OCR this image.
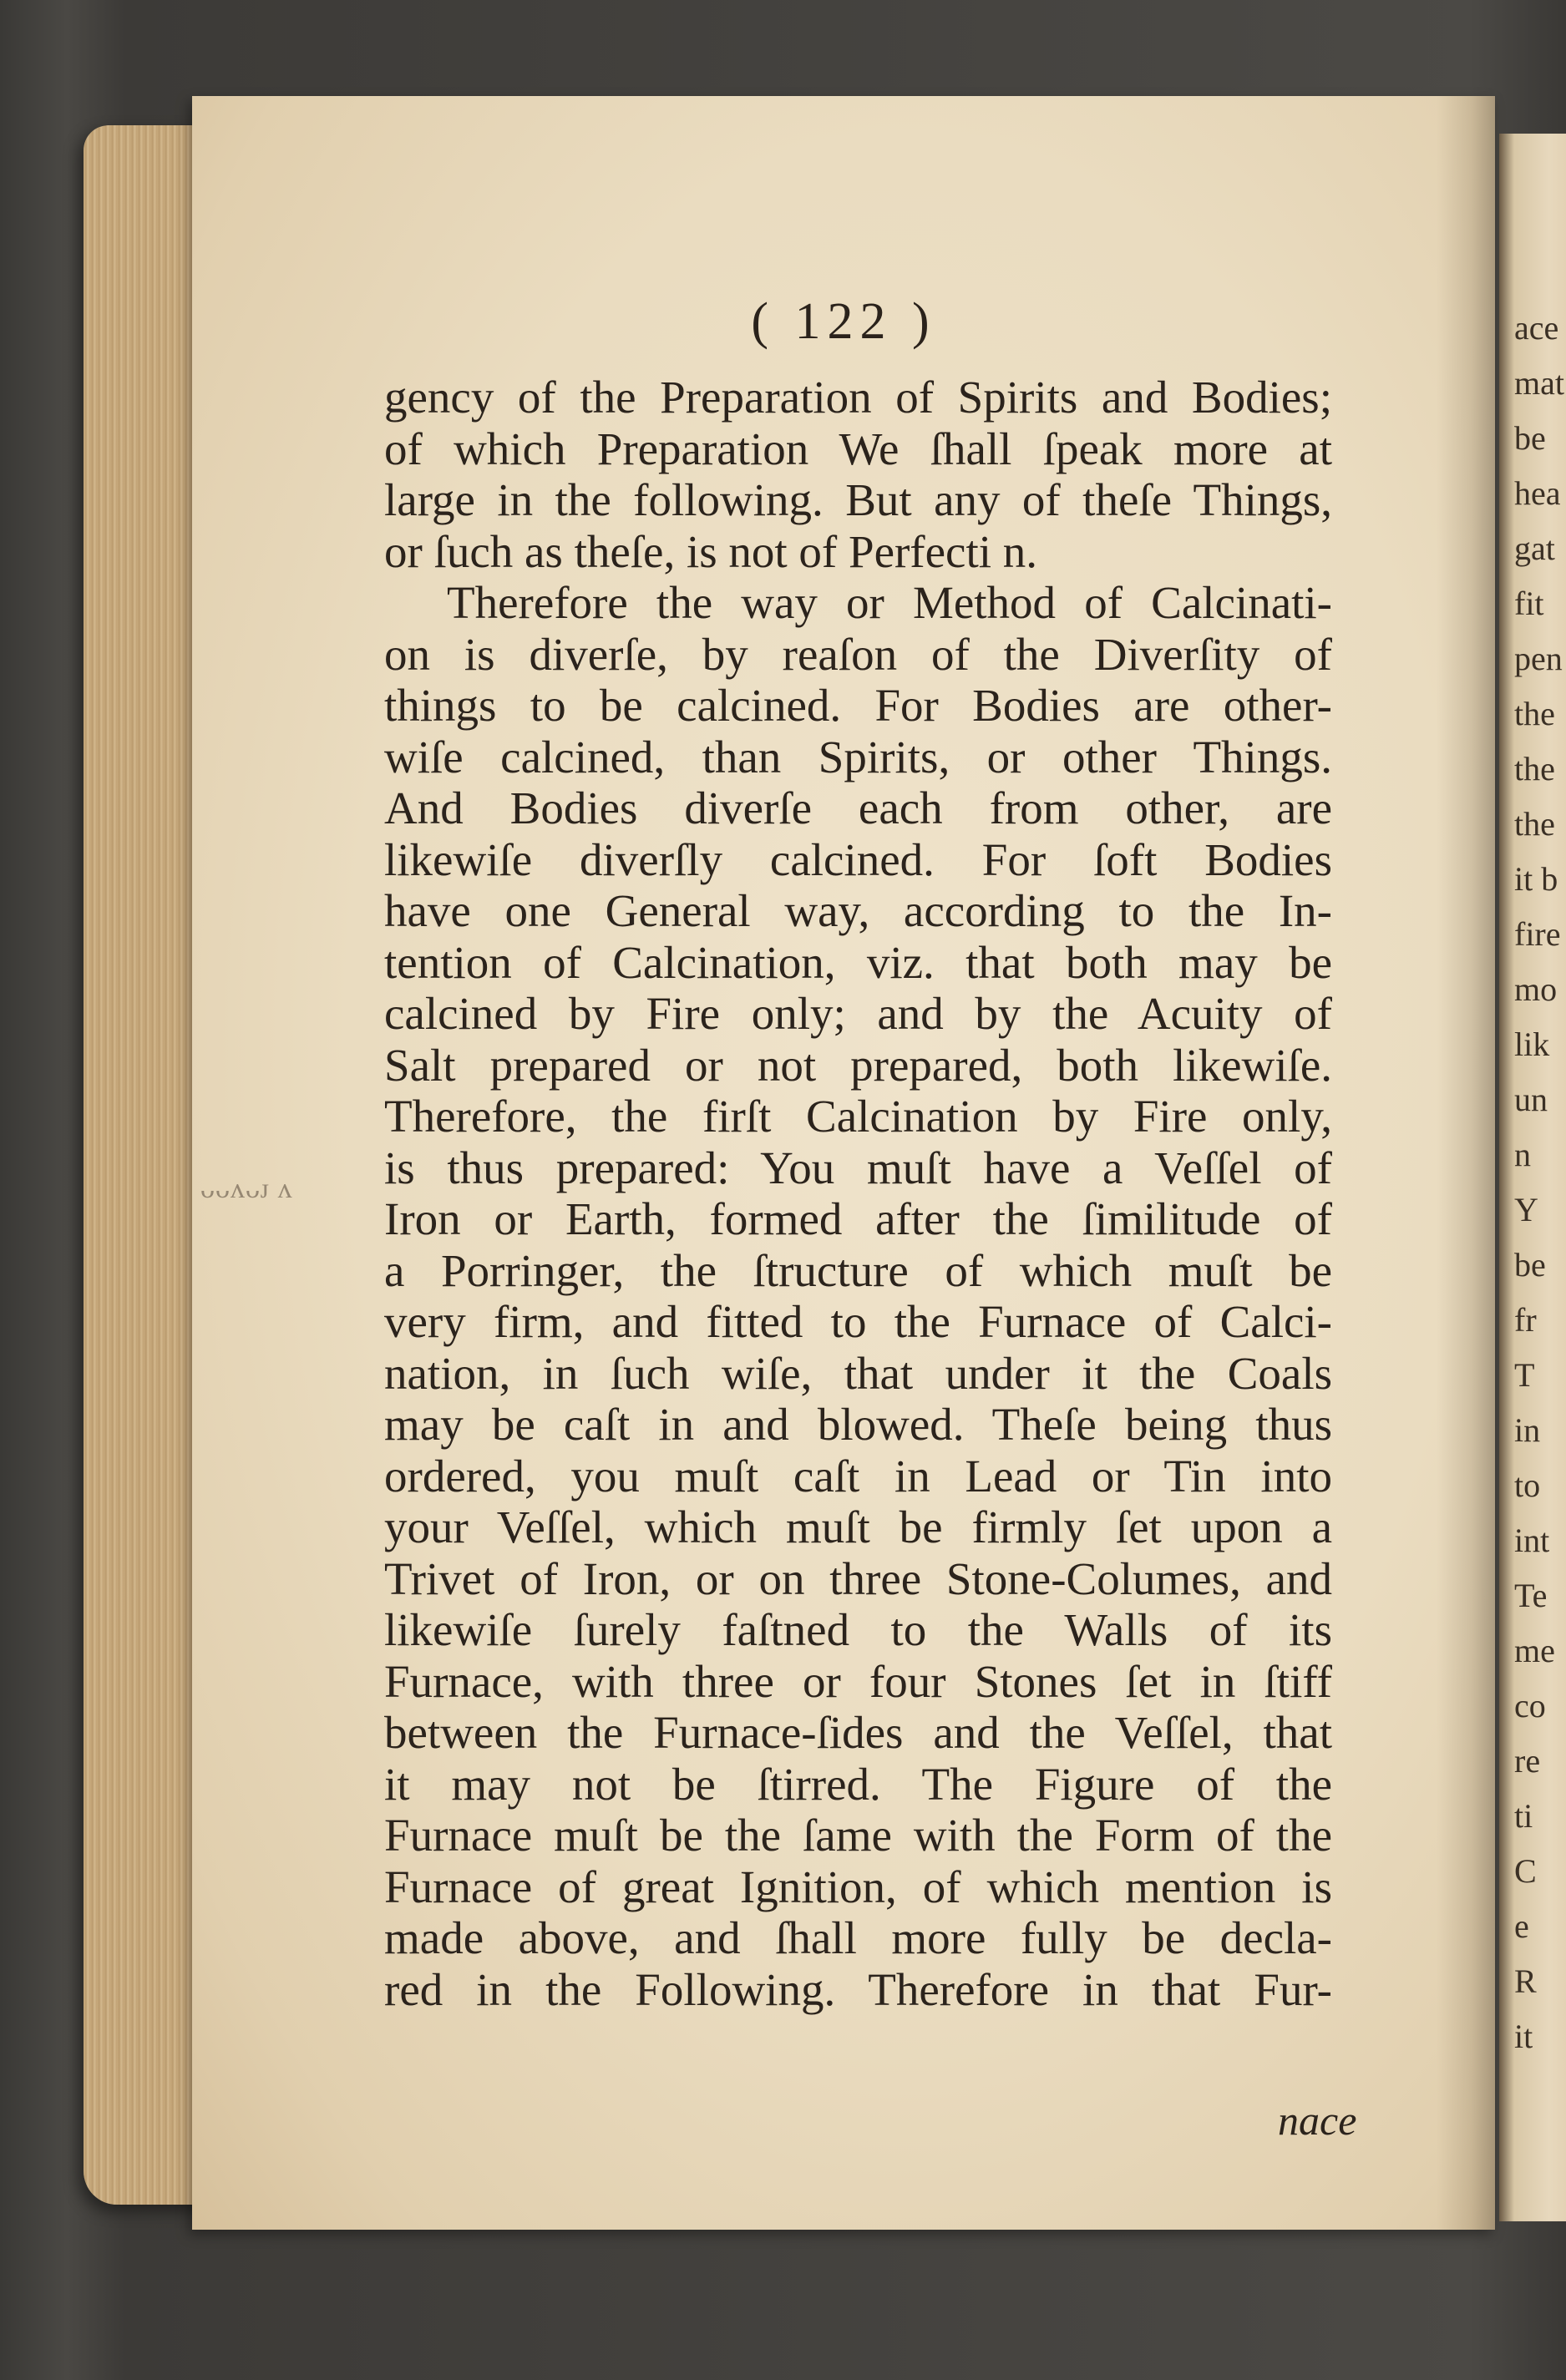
ᴗᴗᴧᴗᴊ ᴧ
( 122 )
gency of the Preparation of Spirits and Bodies;
of which Preparation We ſhall ſpeak more at
large in the following. But any of theſe Things,
or ſuch as theſe, is not of Perfecti n.
Therefore the way or Method of Calcinati-
on is diverſe, by reaſon of the Diverſity of
things to be calcined. For Bodies are other-
wiſe calcined, than Spirits, or other Things.
And Bodies diverſe each from other, are
likewiſe diverſly calcined. For ſoft Bodies
have one General way, according to the In-
tention of Calcination, viz. that both may be
calcined by Fire only; and by the Acuity of
Salt prepared or not prepared, both likewiſe.
Therefore, the firſt Calcination by Fire only,
is thus prepared: You muſt have a Veſſel of
Iron or Earth, formed after the ſimilitude of
a Porringer, the ſtructure of which muſt be
very firm, and fitted to the Furnace of Calci-
nation, in ſuch wiſe, that under it the Coals
may be caſt in and blowed. Theſe being thus
ordered, you muſt caſt in Lead or Tin into
your Veſſel, which muſt be firmly ſet upon a
Trivet of Iron, or on three Stone-Columes, and
likewiſe ſurely faſtned to the Walls of its
Furnace, with three or four Stones ſet in ſtiff
between the Furnace-ſides and the Veſſel, that
it may not be ſtirred. The Figure of the
Furnace muſt be the ſame with the Form of the
Furnace of great Ignition, of which mention is
made above, and ſhall more fully be decla-
red in the Following. Therefore in that Fur-
nace
ace
mat
be
hea
gat
fit
pen
the
the
the
it b
fire
mo
lik
un
n
Y
be
fr
T
in
to
int
Te
me
co
re
ti
C
e
R
it
